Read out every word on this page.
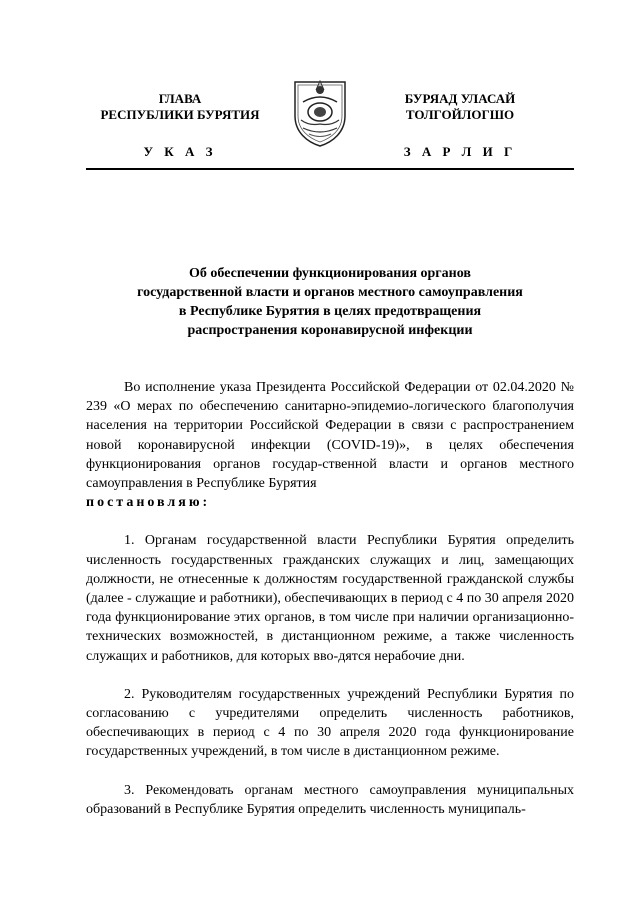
ГЛАВА
РЕСПУБЛИКИ БУРЯТИЯ
БУРЯАД УЛАСАЙ
ТОЛГОЙЛОГШО
У К А З	З А Р Л И Г
Об обеспечении функционирования органов
государственной власти и органов местного самоуправления
в Республике Бурятия в целях предотвращения
распространения коронавирусной инфекции

Во исполнение указа Президента Российской Федерации от 02.04.2020 № 239 «О мерах по обеспечению санитарно-эпидемио-логического благополучия населения на территории Российской Федерации в связи с распространением новой коронавирусной инфекции (COVID-19)», в целях обеспечения функционирования органов государ-ственной власти и органов местного самоуправления в Республике Бурятия

постановляю:

1. Органам государственной власти Республики Бурятия определить численность государственных гражданских служащих и лиц, замещающих должности, не отнесенные к должностям государственной гражданской службы (далее - служащие и работники), обеспечивающих в период с 4 по 30 апреля 2020 года функционирование этих органов, в том числе при наличии организационно-технических возможностей, в дистанционном режиме, а также численность служащих и работников, для которых вво-дятся нерабочие дни.

2. Руководителям государственных учреждений Республики Бурятия по согласованию с учредителями определить численность работников, обеспечивающих в период с 4 по 30 апреля 2020 года функционирование государственных учреждений, в том числе в дистанционном режиме.

3. Рекомендовать органам местного самоуправления муниципальных образований в Республике Бурятия определить численность муниципаль-
